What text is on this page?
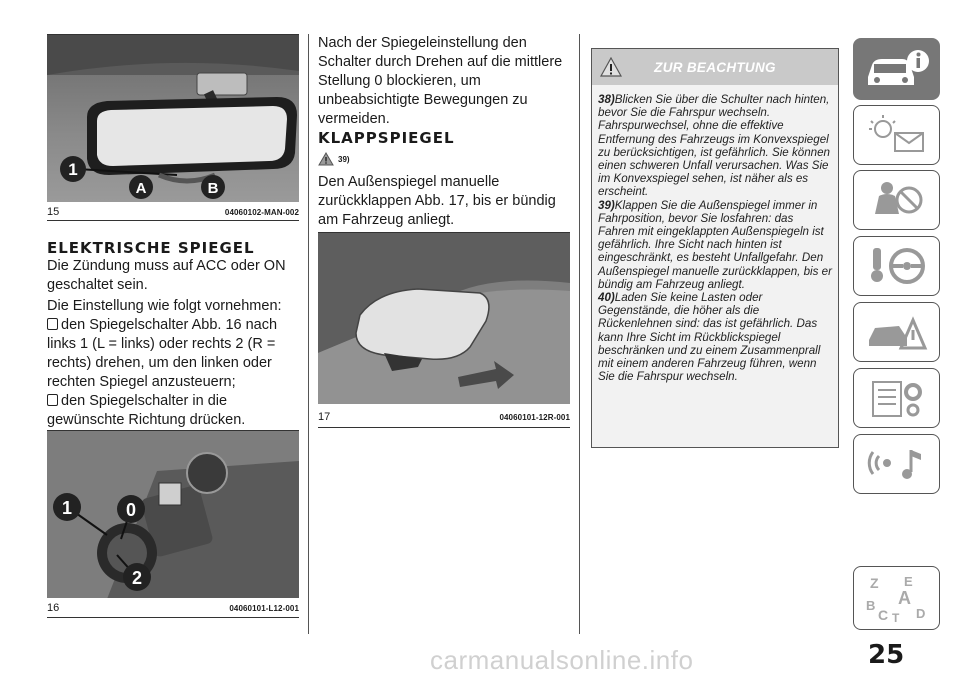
1
A	B
15	04060102-MAN-002
ELEKTRISCHE SPIEGEL
Die Zündung muss auf ACC oder ON geschaltet sein.
Die Einstellung wie folgt vornehmen:
den Spiegelschalter Abb. 16 nach links 1 (L = links) oder rechts 2 (R = rechts) drehen, um den linken oder rechten Spiegel anzusteuern;
den Spiegelschalter in die gewünschte Richtung drücken.
1	0
2
16	04060101-L12-001
Nach der Spiegeleinstellung den Schalter durch Drehen auf die mittlere Stellung 0 blockieren, um unbeabsichtigte Bewegungen zu vermeiden.
KLAPPSPIEGEL
39)
Den Außenspiegel manuelle zurückklappen Abb. 17, bis er bündig am Fahrzeug anliegt.
17	04060101-12R-001
ZUR BEACHTUNG

38)Blicken Sie über die Schulter nach hinten, bevor Sie die Fahrspur wechseln. Fahrspurwechsel, ohne die effektive Entfernung des Fahrzeugs im Konvexspiegel zu berücksichtigen, ist gefährlich. Sie können einen schweren Unfall verursachen. Was Sie im Konvexspiegel sehen, ist näher als es erscheint.

39)Klappen Sie die Außenspiegel immer in Fahrposition, bevor Sie losfahren: das Fahren mit eingeklappten Außenspiegeln ist gefährlich. Ihre Sicht nach hinten ist eingeschränkt, es besteht Unfallgefahr. Den Außenspiegel manuelle zurückklappen, bis er bündig am Fahrzeug anliegt.

40)Laden Sie keine Lasten oder Gegenstände, die höher als die Rückenlehnen sind: das ist gefährlich. Das kann Ihre Sicht im Rückblickspiegel beschränken und zu einem Zusammenprall mit einem anderen Fahrzeug führen, wenn Sie die Fahrspur wechseln.

Z E
B A
C D
T
25
carmanualsonline.info
